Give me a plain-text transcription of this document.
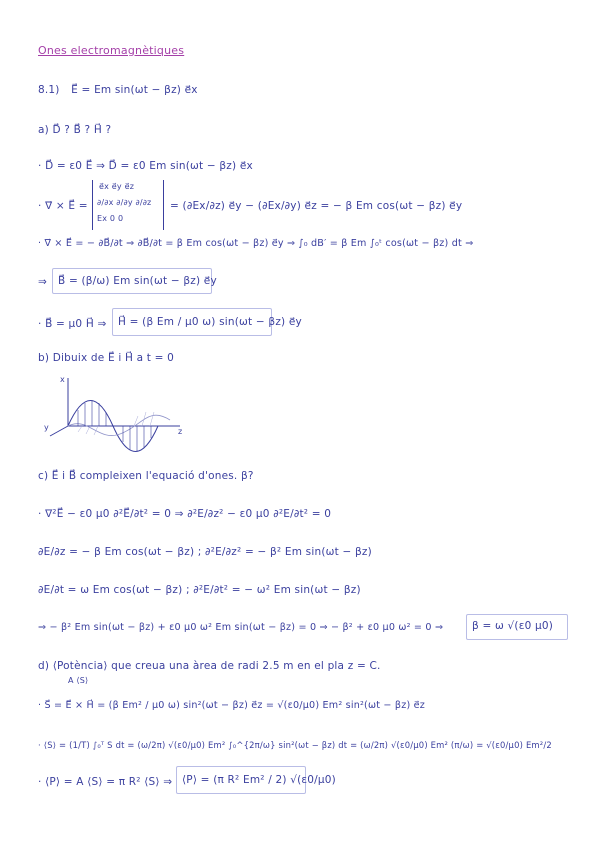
Ones electromagnètiques
8.1) E⃗ = Em sin(ωt − βz) e⃗x
a) D⃗ ? B⃗ ? H⃗ ?
· D⃗ = ε0 E⃗ ⇒ D⃗ = ε0 Em sin(ωt − βz) e⃗x
· ∇⃗ × E⃗ =
e⃗x e⃗y e⃗z
∂/∂x ∂/∂y ∂/∂z
Ex 0 0
= (∂Ex/∂z) e⃗y − (∂Ex/∂y) e⃗z = − β Em cos(ωt − βz) e⃗y
· ∇⃗ × E⃗ = − ∂B⃗/∂t ⇒ ∂B⃗/∂t = β Em cos(ωt − βz) e⃗y ⇒ ∫₀ dB′ = β Em ∫₀ᵗ cos(ωt − βz) dt ⇒
⇒ B⃗ = (β/ω) Em sin(ωt − βz) e⃗y
· B⃗ = μ0 H⃗ ⇒ H⃗ = (β Em / μ0 ω) sin(ωt − βz) e⃗y
b) Dibuix de E⃗ i H⃗ a t = 0
x
y	z
c) E⃗ i B⃗ compleixen l'equació d'ones. β?
· ∇²E⃗ − ε0 μ0 ∂²E⃗/∂t² = 0 ⇒ ∂²E/∂z² − ε0 μ0 ∂²E/∂t² = 0
∂E/∂z = − β Em cos(ωt − βz) ; ∂²E/∂z² = − β² Em sin(ωt − βz)
∂E/∂t = ω Em cos(ωt − βz) ; ∂²E/∂t² = − ω² Em sin(ωt − βz)
⇒ − β² Em sin(ωt − βz) + ε0 μ0 ω² Em sin(ωt − βz) = 0 ⇒ − β² + ε0 μ0 ω² = 0 ⇒	β = ω √(ε0 μ0)
d) ⟨Potència⟩ que creua una àrea de radi 2.5 m en el pla z = C.
A ⟨S⟩
· S⃗ = E⃗ × H⃗ = (β Em² / μ0 ω) sin²(ωt − βz) e⃗z = √(ε0/μ0) Em² sin²(ωt − βz) e⃗z
· ⟨S⟩ = (1/T) ∫₀ᵀ S dt = (ω/2π) √(ε0/μ0) Em² ∫₀^{2π/ω} sin²(ωt − βz) dt = (ω/2π) √(ε0/μ0) Em² (π/ω) = √(ε0/μ0) Em²/2
· ⟨P⟩ = A ⟨S⟩ = π R² ⟨S⟩ ⇒ ⟨P⟩ = (π R² Em² / 2) √(ε0/μ0)
